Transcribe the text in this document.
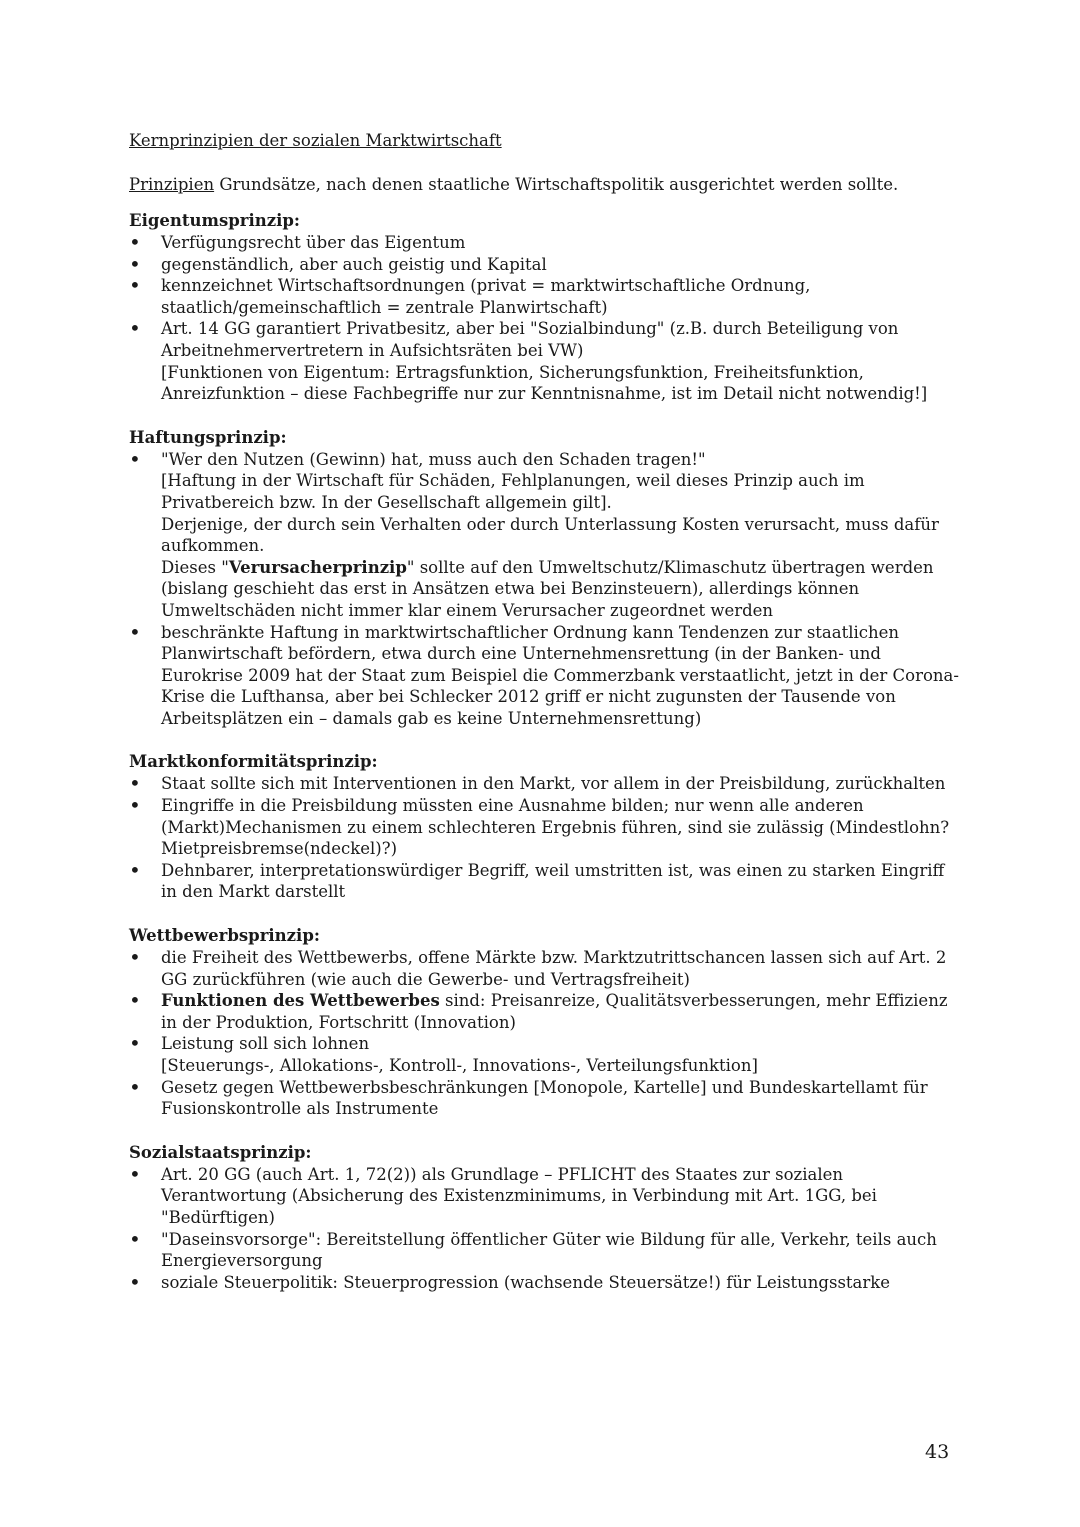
Kernprinzipien der sozialen Marktwirtschaft
Prinzipien Grundsätze, nach denen staatliche Wirtschaftspolitik ausgerichtet werden sollte.
Eigentumsprinzip:
• Verfügungsrecht über das Eigentum
• gegenständlich, aber auch geistig und Kapital
• kennzeichnet Wirtschaftsordnungen (privat = marktwirtschaftliche Ordnung, staatlich/gemeinschaftlich = zentrale Planwirtschaft)
• Art. 14 GG garantiert Privatbesitz, aber bei "Sozialbindung" (z.B. durch Beteiligung von Arbeitnehmervertretern in Aufsichtsräten bei VW)
[Funktionen von Eigentum: Ertragsfunktion, Sicherungsfunktion, Freiheitsfunktion, Anreizfunktion – diese Fachbegriffe nur zur Kenntnisnahme, ist im Detail nicht notwendig!]
Haftungsprinzip:
• "Wer den Nutzen (Gewinn) hat, muss auch den Schaden tragen!"
[Haftung in der Wirtschaft für Schäden, Fehlplanungen, weil dieses Prinzip auch im Privatbereich bzw. In der Gesellschaft allgemein gilt].
Derjenige, der durch sein Verhalten oder durch Unterlassung Kosten verursacht, muss dafür aufkommen.
Dieses "Verursacherprinzip" sollte auf den Umweltschutz/Klimaschutz übertragen werden (bislang geschieht das erst in Ansätzen etwa bei Benzinsteuern), allerdings können Umweltschäden nicht immer klar einem Verursacher zugeordnet werden
• beschränkte Haftung in marktwirtschaftlicher Ordnung kann Tendenzen zur staatlichen Planwirtschaft befördern, etwa durch eine Unternehmensrettung (in der Banken- und Eurokrise 2009 hat der Staat zum Beispiel die Commerzbank verstaatlicht, jetzt in der Corona-Krise die Lufthansa, aber bei Schlecker 2012 griff er nicht zugunsten der Tausende von Arbeitsplätzen ein – damals gab es keine Unternehmensrettung)
Marktkonformitätsprinzip:
• Staat sollte sich mit Interventionen in den Markt, vor allem in der Preisbildung, zurückhalten
• Eingriffe in die Preisbildung müssten eine Ausnahme bilden; nur wenn alle anderen (Markt)Mechanismen zu einem schlechteren Ergebnis führen, sind sie zulässig (Mindestlohn? Mietpreisbremse(ndeckel)?)
• Dehnbarer, interpretationswürdiger Begriff, weil umstritten ist, was einen zu starken Eingriff in den Markt darstellt
Wettbewerbsprinzip:
• die Freiheit des Wettbewerbs, offene Märkte bzw. Marktzutrittschancen lassen sich auf Art. 2 GG zurückführen (wie auch die Gewerbe- und Vertragsfreiheit)
• Funktionen des Wettbewerbes sind: Preisanreize, Qualitätsverbesserungen, mehr Effizienz in der Produktion, Fortschritt (Innovation)
• Leistung soll sich lohnen
[Steuerungs-, Allokations-, Kontroll-, Innovations-, Verteilungsfunktion]
• Gesetz gegen Wettbewerbsbeschränkungen [Monopole, Kartelle] und Bundeskartellamt für Fusionskontrolle als Instrumente
Sozialstaatsprinzip:
• Art. 20 GG (auch Art. 1, 72(2)) als Grundlage – PFLICHT des Staates zur sozialen Verantwortung (Absicherung des Existenzminimums, in Verbindung mit Art. 1GG, bei "Bedürftigen)
• "Daseinsvorsorge": Bereitstellung öffentlicher Güter wie Bildung für alle, Verkehr, teils auch Energieversorgung
• soziale Steuerpolitik: Steuerprogression (wachsende Steuersätze!) für Leistungsstarke
43
